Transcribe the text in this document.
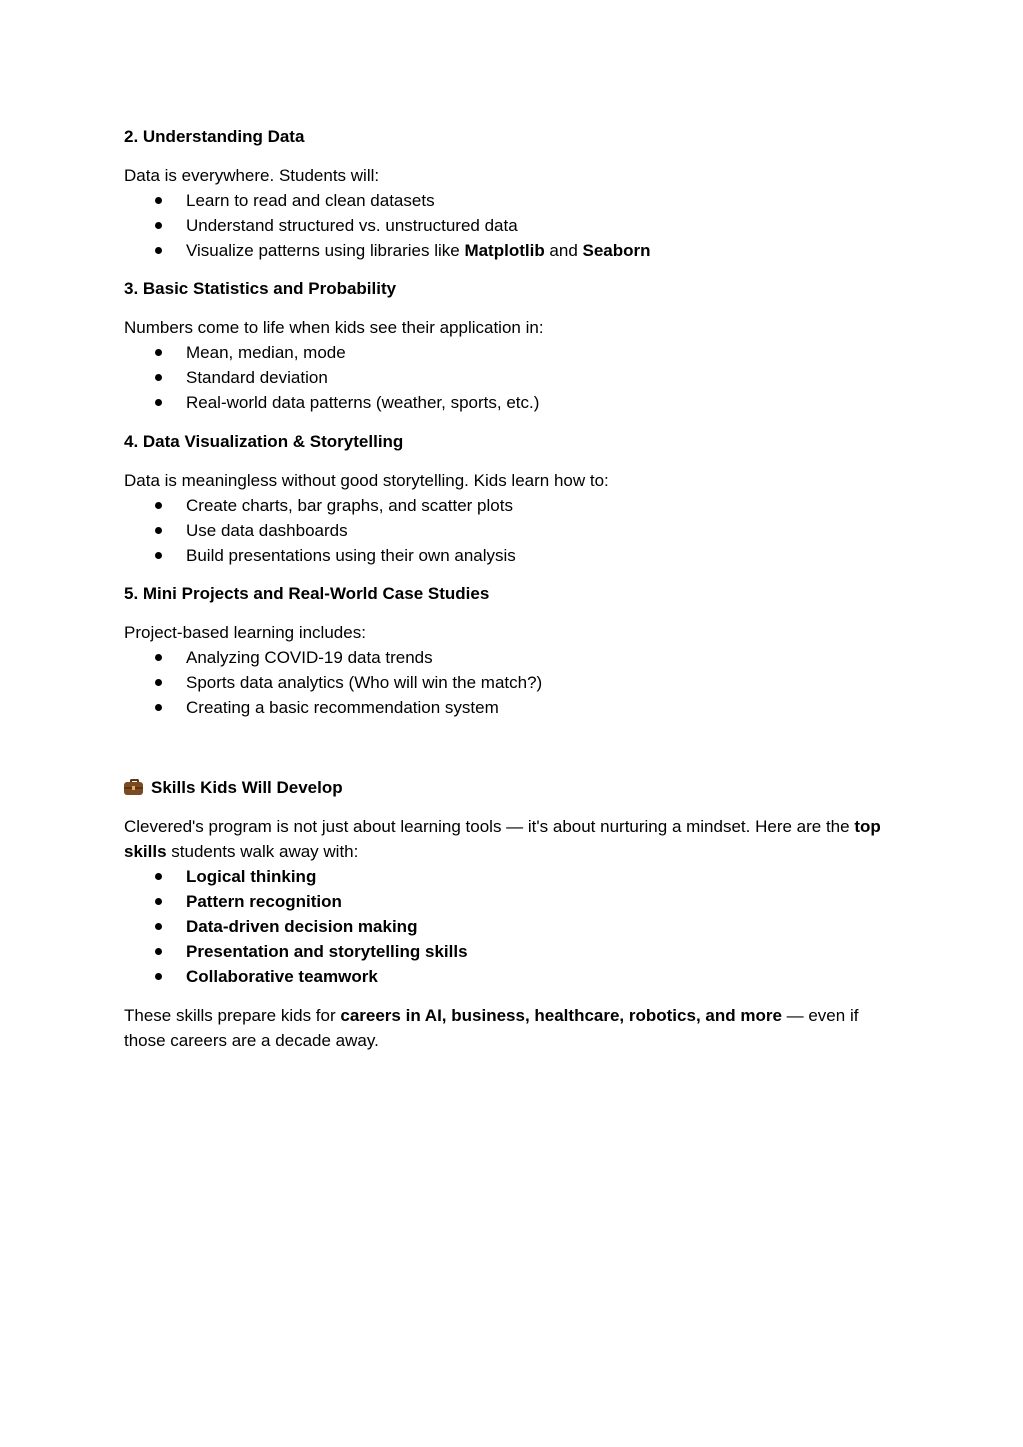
2. Understanding Data

Data is everywhere. Students will:

Learn to read and clean datasets
Understand structured vs. unstructured data
Visualize patterns using libraries like Matplotlib and Seaborn

3. Basic Statistics and Probability

Numbers come to life when kids see their application in:

Mean, median, mode
Standard deviation
Real-world data patterns (weather, sports, etc.)

4. Data Visualization & Storytelling

Data is meaningless without good storytelling. Kids learn how to:

Create charts, bar graphs, and scatter plots
Use data dashboards
Build presentations using their own analysis

5. Mini Projects and Real-World Case Studies

Project-based learning includes:

Analyzing COVID-19 data trends
Sports data analytics (Who will win the match?)
Creating a basic recommendation system

Skills Kids Will Develop

Clevered's program is not just about learning tools — it's about nurturing a mindset. Here are the top skills students walk away with:

Logical thinking
Pattern recognition
Data-driven decision making
Presentation and storytelling skills
Collaborative teamwork

These skills prepare kids for careers in AI, business, healthcare, robotics, and more — even if those careers are a decade away.
